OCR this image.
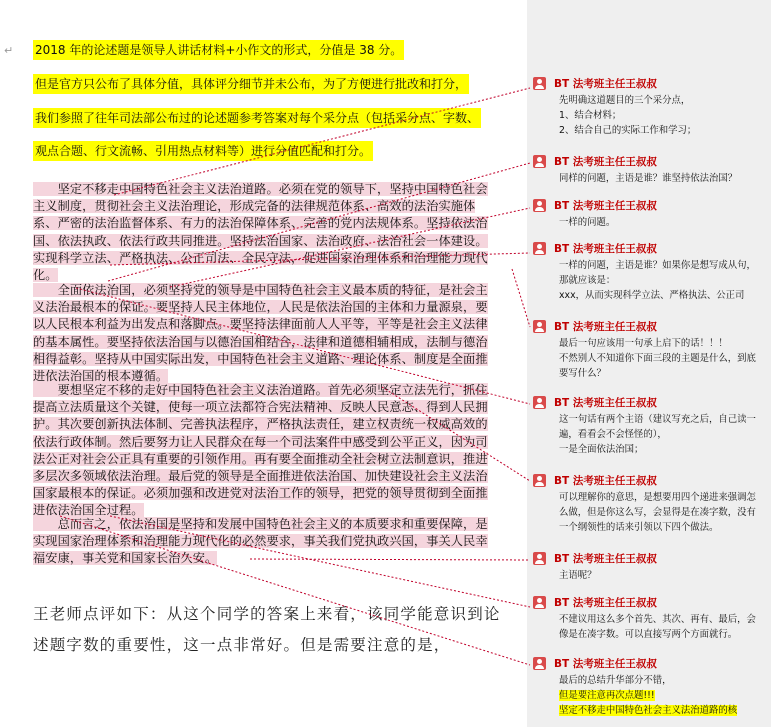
↵ 2018 年的论述题是领导人讲话材料+小作文的形式，分值是 38 分。
但是官方只公布了具体分值，具体评分细节并未公布，为了方便进行批改和打分，
我们参照了往年司法部公布过的论述题参考答案对每个采分点（包括采分点、字数、
观点合题、行文流畅、引用热点材料等）进行分值匹配和打分。
　　坚定不移走中国特色社会主义法治道路。必须在党的领导下，坚持中国特色社会主义制度，贯彻社会主义法治理论，形成完备的法律规范体系、高效的法治实施体系、严密的法治监督体系、有力的法治保障体系、完善的党内法规体系。坚持依法治国、依法执政、依法行政共同推进。坚持法治国家、法治政府、法治社会一体建设。实现科学立法、严格执法、公正司法、全民守法，促进国家治理体系和治理能力现代化。
　　全面依法治国，必须坚持党的领导是中国特色社会主义最本质的特征，是社会主义法治最根本的保证。要坚持人民主体地位，人民是依法治国的主体和力量源泉，要以人民根本利益为出发点和落脚点。要坚持法律面前人人平等，平等是社会主义法律的基本属性。要坚持依法治国与以德治国相结合，法律和道德相辅相成，法制与德治相得益彰。坚持从中国实际出发，中国特色社会主义道路、理论体系、制度是全面推进依法治国的根本遵循。
　　要想坚定不移的走好中国特色社会主义法治道路。首先必须坚定立法先行，抓住提高立法质量这个关键，使每一项立法都符合宪法精神、反映人民意志、得到人民拥护。其次要创新执法体制、完善执法程序，严格执法责任，建立权责统一权威高效的依法行政体制。然后要努力让人民群众在每一个司法案件中感受到公平正义，因为司法公正对社会公正具有重要的引领作用。再有要全面推动全社会树立法制意识，推进多层次多领域依法治理。最后党的领导是全面推进依法治国、加快建设社会主义法治国家最根本的保证。必须加强和改进党对法治工作的领导，把党的领导贯彻到全面推进依法治国全过程。
　　总而言之，依法治国是坚持和发展中国特色社会主义的本质要求和重要保障，是实现国家治理体系和治理能力现代化的必然要求，事关我们党执政兴国，事关人民幸福安康，事关党和国家长治久安。
王老师点评如下：从这个同学的答案上来看，该同学能意识到论述题字数的重要性，这一点非常好。但是需要注意的是，
BT 法考班主任王叔叔
先明确这道题目的三个采分点，
1、结合材料；
2、结合自己的实际工作和学习；
BT 法考班主任王叔叔
同样的问题，主语是谁？谁坚持依法治国？
BT 法考班主任王叔叔
一样的问题。
BT 法考班主任王叔叔
一样的问题，主语是谁？如果你是想写成从句，那就应该是：
xxx，从而实现科学立法、严格执法、公正司
BT 法考班主任王叔叔
最后一句应该用一句承上启下的话！！！
不然别人不知道你下面三段的主题是什么，到底要写什么？
BT 法考班主任王叔叔
这一句话有两个主语（建议写充之后，自己读一遍，看看会不会怪怪的），
一是全面依法治国；
BT 法考班主任王叔叔
可以理解你的意思，是想要用四个递进来强调怎么做，但是你这么写，会显得是在凑字数，没有一个纲领性的话来引领以下四个做法。
BT 法考班主任王叔叔
主语呢？
BT 法考班主任王叔叔
不建议用这么多个首先、其次、再有、最后，会像是在凑字数。可以直接写两个方面就行。
BT 法考班主任王叔叔
最后的总结升华部分不错，
但是要注意再次点题!!!
坚定不移走中国特色社会主义法治道路的核
